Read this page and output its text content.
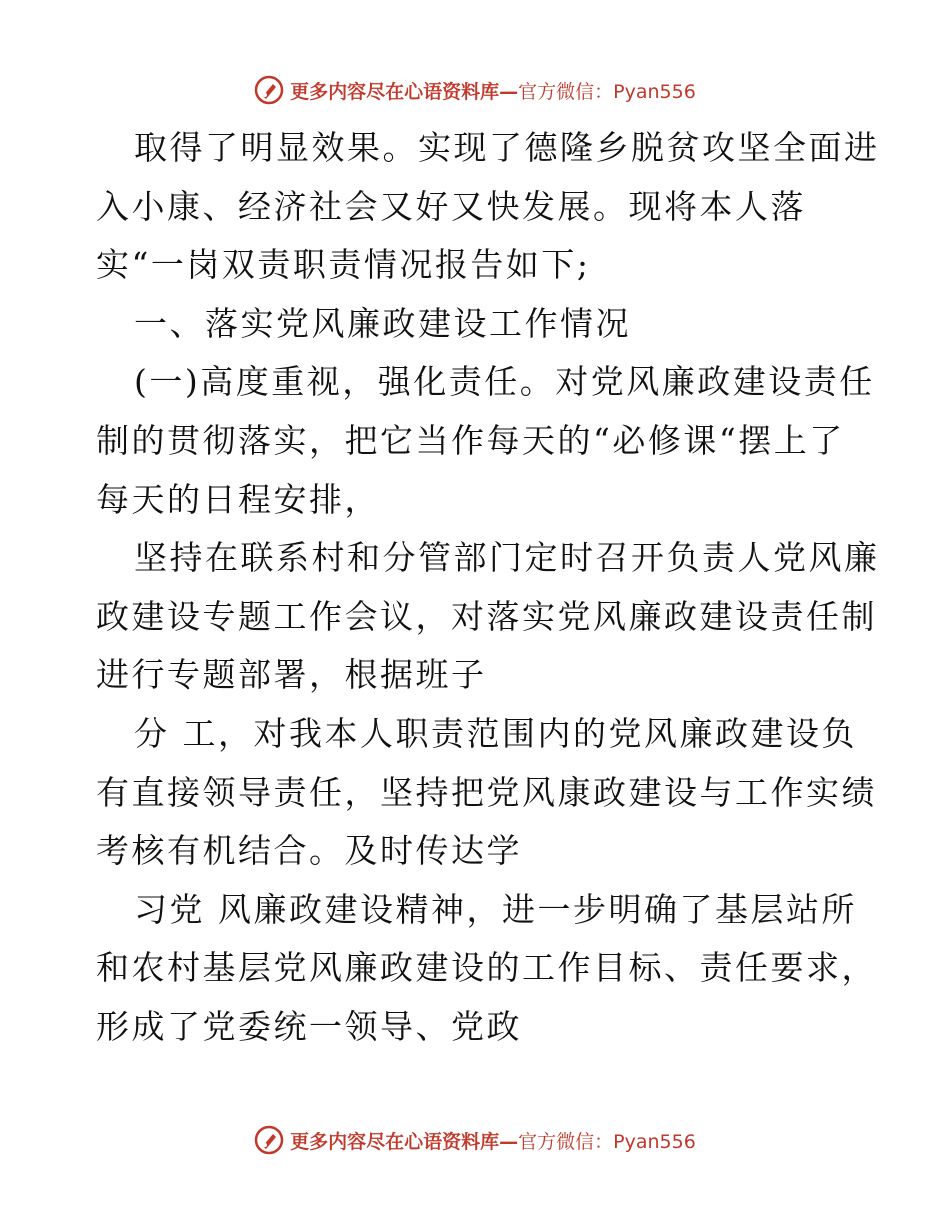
更多内容尽在心语资料库—官方微信：Pyan556
取得了明显效果。实现了德隆乡脱贫攻坚全面进
入小康、经济社会又好又快发展。现将本人落
实“一岗双责职责情况报告如下;
一、落实党风廉政建设工作情况
(一)高度重视，强化责任。对党风廉政建设责任
制的贯彻落实，把它当作每天的“必修课“摆上了
每天的日程安排，
坚持在联系村和分管部门定时召开负责人党风廉
政建设专题工作会议，对落实党风廉政建设责任制
进行专题部署，根据班子
分 工，对我本人职责范围内的党风廉政建设负
有直接领导责任，坚持把党风康政建设与工作实绩
考核有机结合。及时传达学
习党 风廉政建设精神，进一步明确了基层站所
和农村基层党风廉政建设的工作目标、责任要求，
形成了党委统一领导、党政
更多内容尽在心语资料库—官方微信：Pyan556
